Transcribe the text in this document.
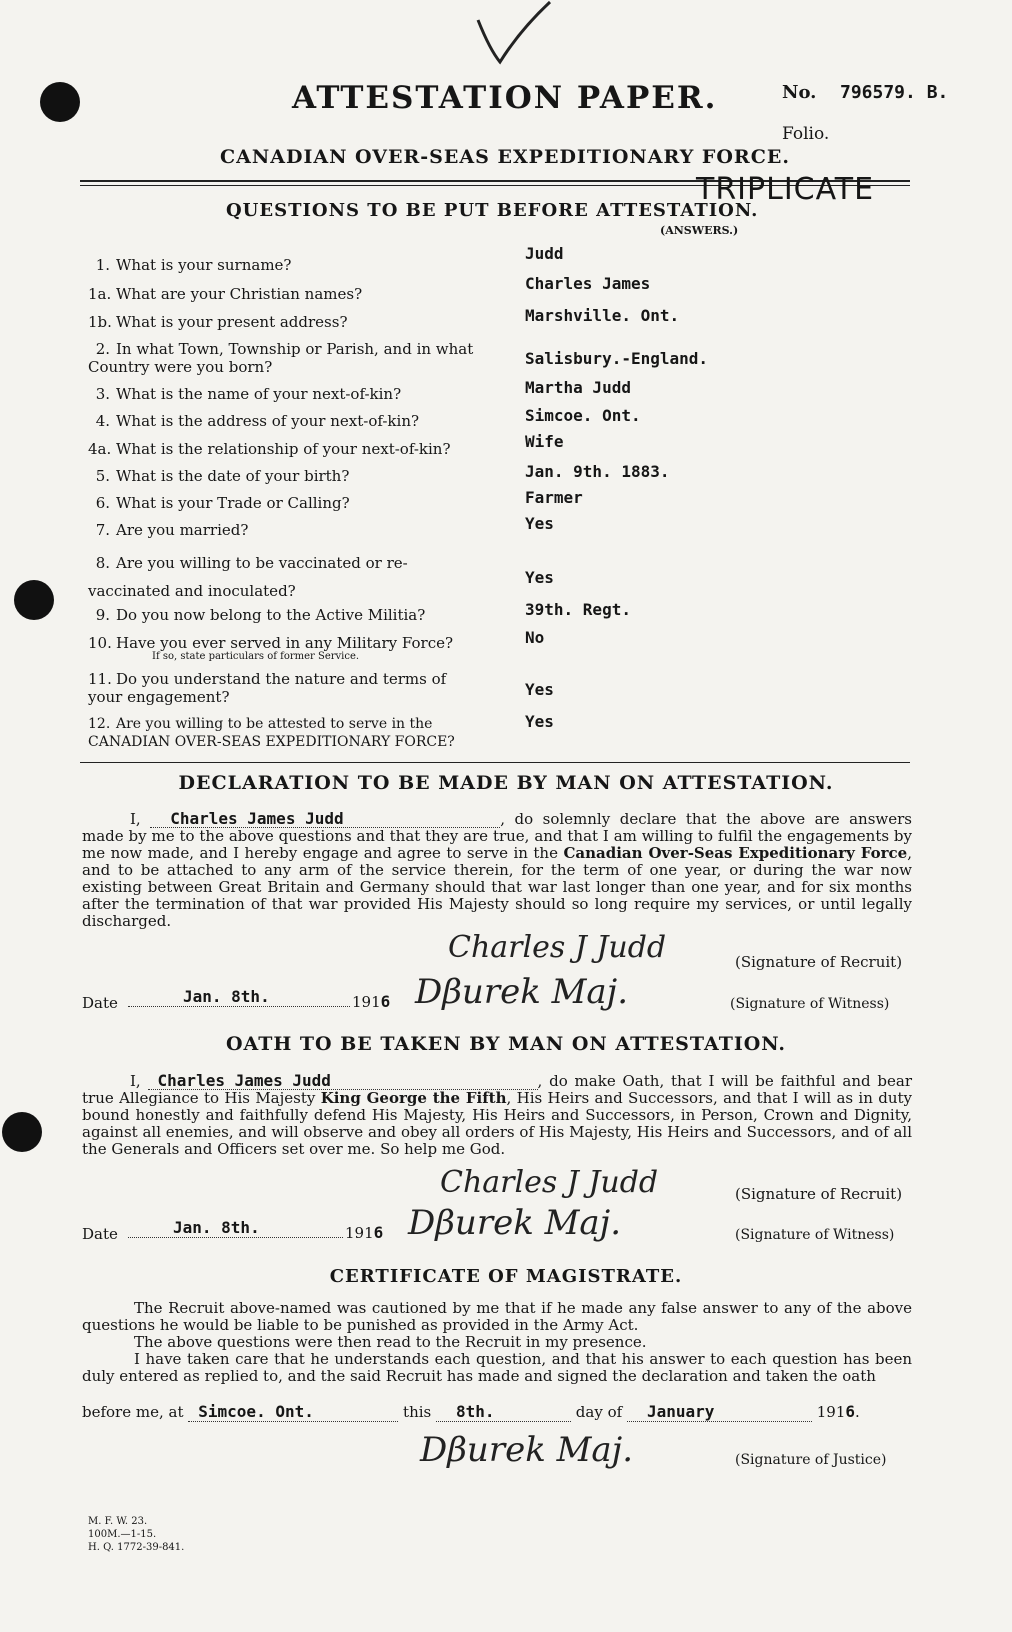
ATTESTATION PAPER.	No. 796579. B.
Folio.
CANADIAN OVER-SEAS EXPEDITIONARY FORCE.
TRIPLICATE
QUESTIONS TO BE PUT BEFORE ATTESTATION.
(ANSWERS.)
1. What is your surname?
Judd
1a. What are your Christian names?
Charles James
1b. What is your present address?	Marshville. Ont.
2. In what Town, Township or Parish, and in what Country were you born?	Salisbury.-England.
3. What is the name of your next-of-kin?	Martha Judd
4. What is the address of your next-of-kin?	Simcoe. Ont.
4a. What is the relationship of your next-of-kin?	Wife
5. What is the date of your birth?	Jan. 9th. 1883.
6. What is your Trade or Calling?	Farmer
7. Are you married?	Yes
8. Are you willing to be vaccinated or re-vaccinated and inoculated?
Yes
9. Do you now belong to the Active Militia?	39th. Regt.
10. Have you ever served in any Military Force?
If so, state particulars of former Service.
No
11. Do you understand the nature and terms of your engagement?	Yes
12. Are you willing to be attested to serve in the CANADIAN OVER-SEAS EXPEDITIONARY FORCE?
Yes
DECLARATION TO BE MADE BY MAN ON ATTESTATION.
I, Charles James Judd	, do solemnly declare that the above are answers made by me to the above questions and that they are true, and that I am willing to fulfil the engagements by me now made, and I hereby engage and agree to serve in the Canadian Over-Seas Expeditionary Force, and to be attached to any arm of the service therein, for the term of one year, or during the war now existing between Great Britain and Germany should that war last longer than one year, and for six months after the termination of that war provided His Majesty should so long require my services, or until legally discharged.
Charles J Judd	(Signature of Recruit)
Date	Jan. 8th.	1916 Dβurek Maj.	(Signature of Witness)
OATH TO BE TAKEN BY MAN ON ATTESTATION.
I, Charles James Judd	, do make Oath, that I will be faithful and bear true Allegiance to His Majesty King George the Fifth, His Heirs and Successors, and that I will as in duty bound honestly and faithfully defend His Majesty, His Heirs and Successors, in Person, Crown and Dignity, against all enemies, and will observe and obey all orders of His Majesty, His Heirs and Successors, and of all the Generals and Officers set over me. So help me God.
Charles J Judd	(Signature of Recruit)
Date	Jan. 8th.	1916 Dβurek Maj.	(Signature of Witness)
CERTIFICATE OF MAGISTRATE.
The Recruit above-named was cautioned by me that if he made any false answer to any of the above questions he would be liable to be punished as provided in the Army Act.
The above questions were then read to the Recruit in my presence.
I have taken care that he understands each question, and that his answer to each question has been duly entered as replied to, and the said Recruit has made and signed the declaration and taken the oath
before me, at Simcoe. Ont.	this 8th.	day of January	1916.
Dβurek Maj.	(Signature of Justice)
M. F. W. 23.
100M.—1-15.
H. Q. 1772-39-841.
